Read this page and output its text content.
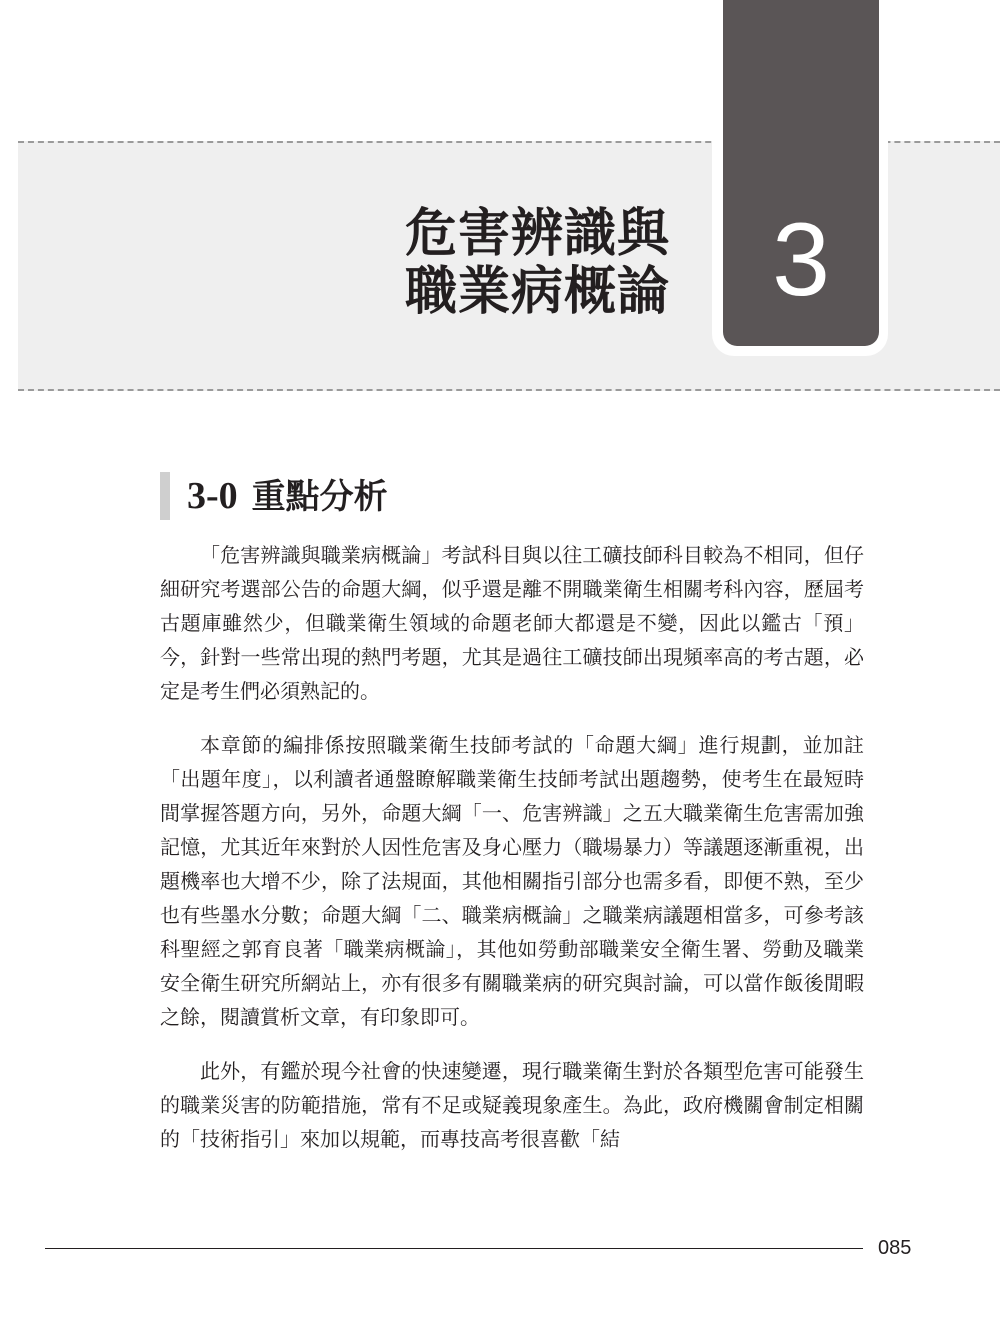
危害辨識與
職業病概論 3
3-0 重點分析

「危害辨識與職業病概論」考試科目與以往工礦技師科目較為不相同，但仔細研究考選部公告的命題大綱，似乎還是離不開職業衛生相關考科內容，歷屆考古題庫雖然少，但職業衛生領域的命題老師大都還是不變，因此以鑑古「預」今，針對一些常出現的熱門考題，尤其是過往工礦技師出現頻率高的考古題，必定是考生們必須熟記的。

本章節的編排係按照職業衛生技師考試的「命題大綱」進行規劃，並加註「出題年度」，以利讀者通盤瞭解職業衛生技師考試出題趨勢，使考生在最短時間掌握答題方向，另外，命題大綱「一、危害辨識」之五大職業衛生危害需加強記憶，尤其近年來對於人因性危害及身心壓力（職場暴力）等議題逐漸重視，出題機率也大增不少，除了法規面，其他相關指引部分也需多看，即便不熟，至少也有些墨水分數；命題大綱「二、職業病概論」之職業病議題相當多，可參考該科聖經之郭育良著「職業病概論」，其他如勞動部職業安全衛生署、勞動及職業安全衛生研究所網站上，亦有很多有關職業病的研究與討論，可以當作飯後閒暇之餘，閱讀賞析文章，有印象即可。

此外，有鑑於現今社會的快速變遷，現行職業衛生對於各類型危害可能發生的職業災害的防範措施，常有不足或疑義現象產生。為此，政府機關會制定相關的「技術指引」來加以規範，而專技高考很喜歡「結

085
